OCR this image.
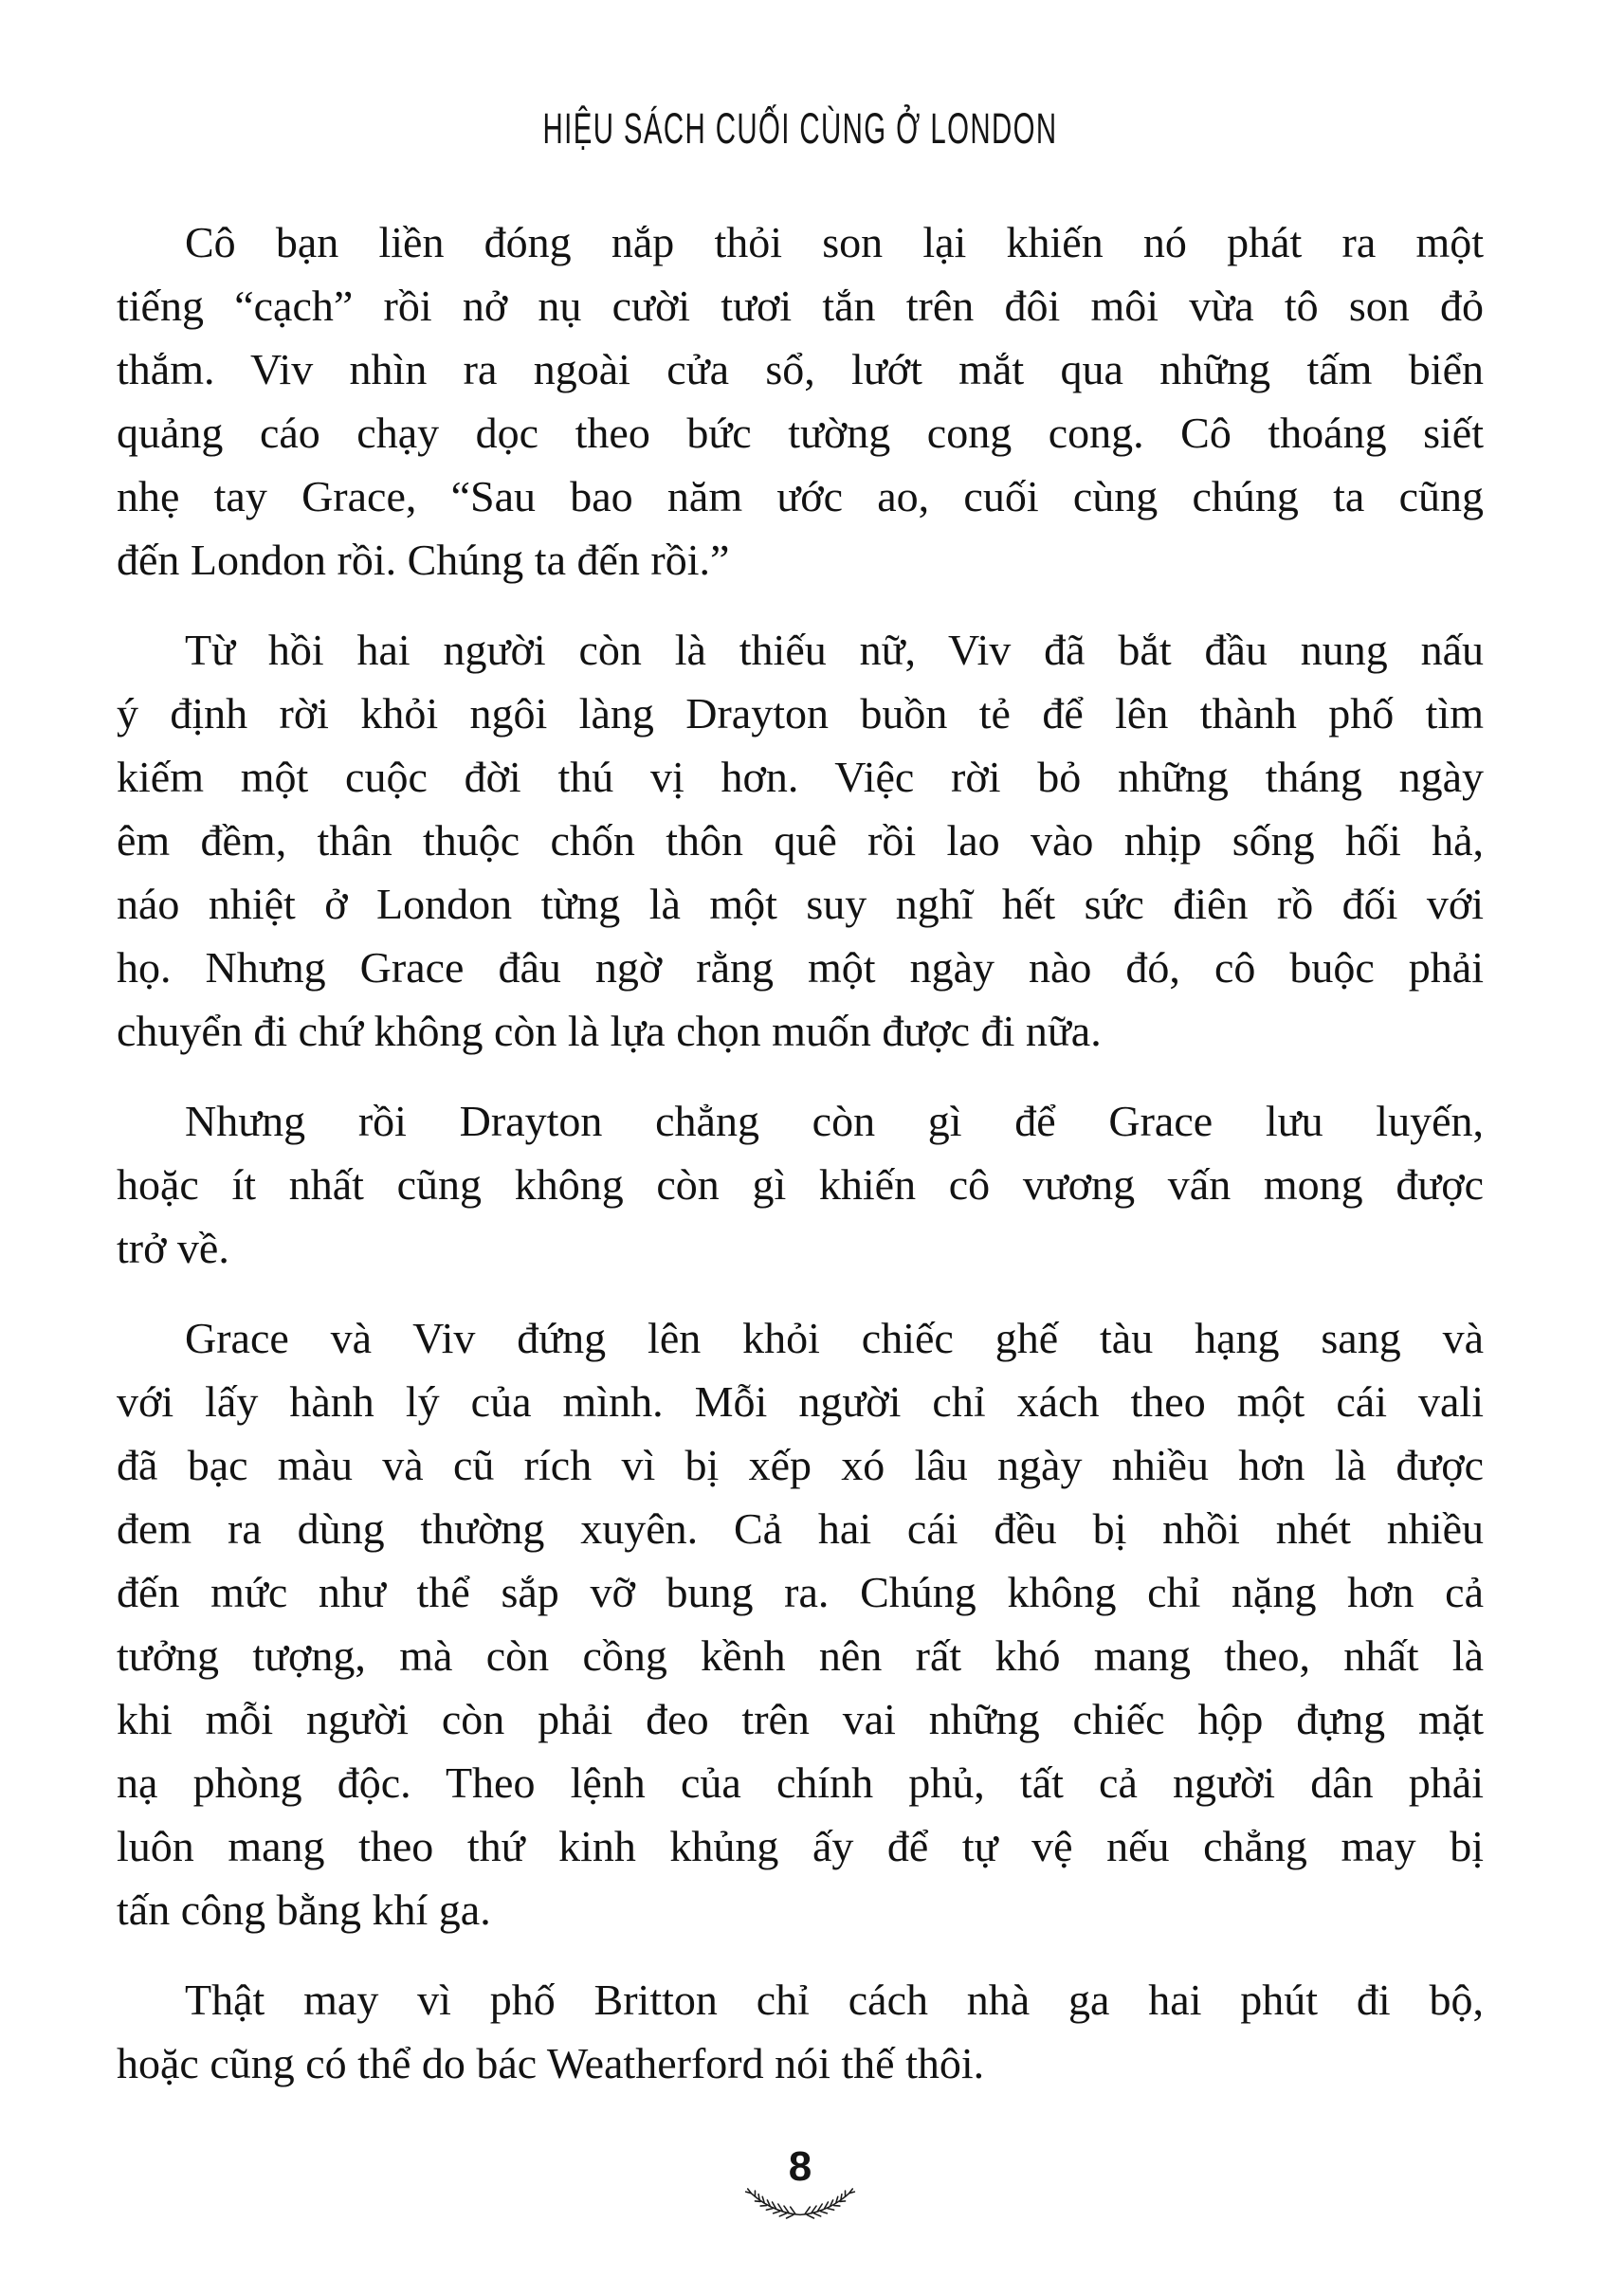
HIỆU SÁCH CUỐI CÙNG Ở LONDON
Cô bạn liền đóng nắp thỏi son lại khiến nó phát ra một
tiếng “cạch” rồi nở nụ cười tươi tắn trên đôi môi vừa tô son đỏ
thắm. Viv nhìn ra ngoài cửa sổ, lướt mắt qua những tấm biển
quảng cáo chạy dọc theo bức tường cong cong. Cô thoáng siết
nhẹ tay Grace, “Sau bao năm ước ao, cuối cùng chúng ta cũng
đến London rồi. Chúng ta đến rồi.”
Từ hồi hai người còn là thiếu nữ, Viv đã bắt đầu nung nấu
ý định rời khỏi ngôi làng Drayton buồn tẻ để lên thành phố tìm
kiếm một cuộc đời thú vị hơn. Việc rời bỏ những tháng ngày
êm đềm, thân thuộc chốn thôn quê rồi lao vào nhịp sống hối hả,
náo nhiệt ở London từng là một suy nghĩ hết sức điên rồ đối với
họ. Nhưng Grace đâu ngờ rằng một ngày nào đó, cô buộc phải
chuyển đi chứ không còn là lựa chọn muốn được đi nữa.
Nhưng rồi Drayton chẳng còn gì để Grace lưu luyến,
hoặc ít nhất cũng không còn gì khiến cô vương vấn mong được
trở về.
Grace và Viv đứng lên khỏi chiếc ghế tàu hạng sang và
với lấy hành lý của mình. Mỗi người chỉ xách theo một cái vali
đã bạc màu và cũ rích vì bị xếp xó lâu ngày nhiều hơn là được
đem ra dùng thường xuyên. Cả hai cái đều bị nhồi nhét nhiều
đến mức như thể sắp vỡ bung ra. Chúng không chỉ nặng hơn cả
tưởng tượng, mà còn cồng kềnh nên rất khó mang theo, nhất là
khi mỗi người còn phải đeo trên vai những chiếc hộp đựng mặt
nạ phòng độc. Theo lệnh của chính phủ, tất cả người dân phải
luôn mang theo thứ kinh khủng ấy để tự vệ nếu chẳng may bị
tấn công bằng khí ga.
Thật may vì phố Britton chỉ cách nhà ga hai phút đi bộ,
hoặc cũng có thể do bác Weatherford nói thế thôi.
8
